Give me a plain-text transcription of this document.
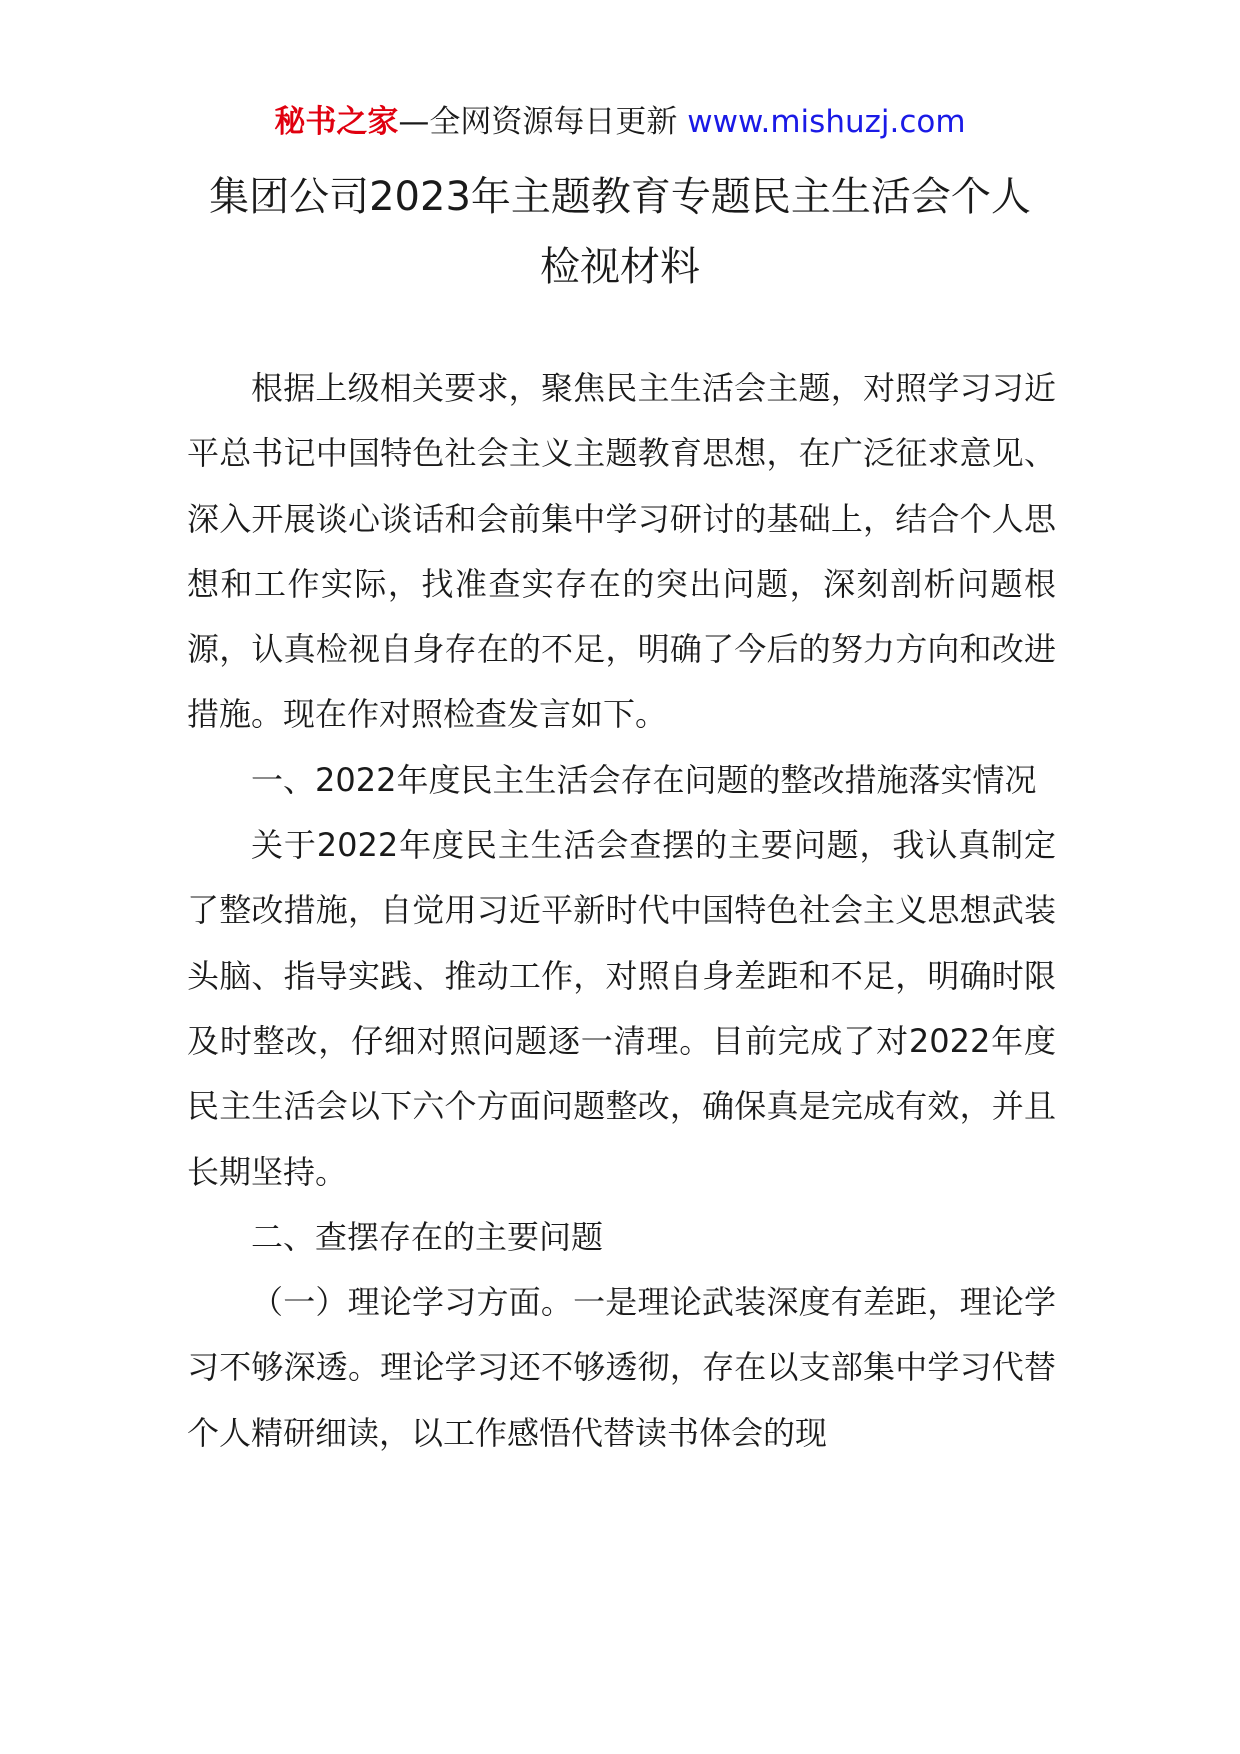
秘书之家—全网资源每日更新 www.mishuzj.com
集团公司2023年主题教育专题民主生活会个人
检视材料

根据上级相关要求，聚焦民主生活会主题，对照学习习近平总书记中国特色社会主义主题教育思想，在广泛征求意见、深入开展谈心谈话和会前集中学习研讨的基础上，结合个人思想和工作实际，找准查实存在的突出问题，深刻剖析问题根源，认真检视自身存在的不足，明确了今后的努力方向和改进措施。现在作对照检查发言如下。

一、2022年度民主生活会存在问题的整改措施落实情况

关于2022年度民主生活会查摆的主要问题，我认真制定了整改措施，自觉用习近平新时代中国特色社会主义思想武装头脑、指导实践、推动工作，对照自身差距和不足，明确时限及时整改，仔细对照问题逐一清理。目前完成了对2022年度民主生活会以下六个方面问题整改，确保真是完成有效，并且长期坚持。

二、查摆存在的主要问题

（一）理论学习方面。一是理论武装深度有差距，理论学习不够深透。理论学习还不够透彻，存在以支部集中学习代替个人精研细读，以工作感悟代替读书体会的现
